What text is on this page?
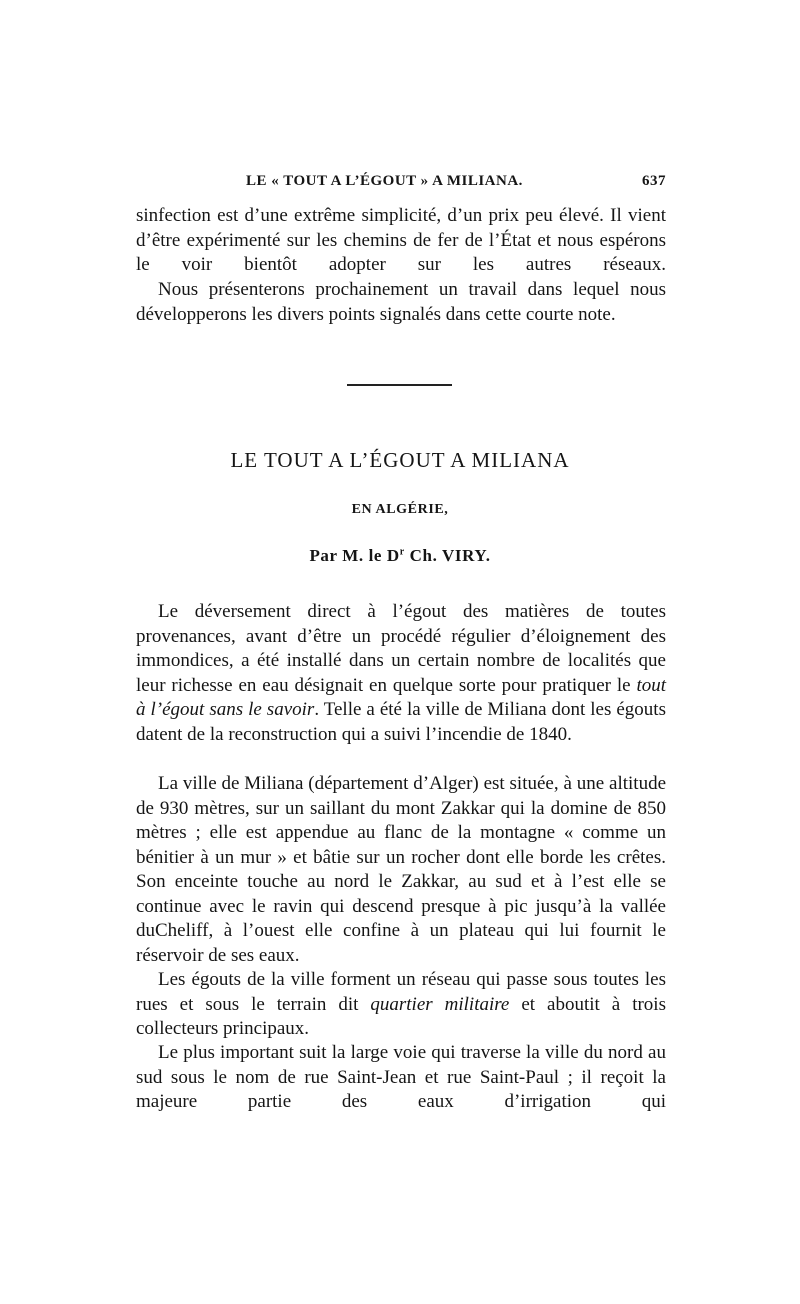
LE « TOUT A L’ÉGOUT » A MILIANA.	637

sinfection est d’une extrême simplicité, d’un prix peu élevé. Il vient d’être expérimenté sur les chemins de fer de l’État et nous espérons le voir bientôt adopter sur les autres réseaux.

Nous présenterons prochainement un travail dans lequel nous développerons les divers points signalés dans cette courte note.

LE TOUT A L’ÉGOUT A MILIANA
EN ALGÉRIE,
Par M. le $D^r$ Ch. VIRY.

Le déversement direct à l’égout des matières de toutes provenances, avant d’être un procédé régulier d’éloignement des immondices, a été installé dans un certain nombre de localités que leur richesse en eau désignait en quelque sorte pour pratiquer le tout à l’égout sans le savoir. Telle a été la ville de Miliana dont les égouts datent de la reconstruction qui a suivi l’incendie de 1840.

La ville de Miliana (département d’Alger) est située, à une altitude de 930 mètres, sur un saillant du mont Zakkar qui la domine de 850 mètres ; elle est appendue au flanc de la montagne « comme un bénitier à un mur » et bâtie sur un rocher dont elle borde les crêtes. Son enceinte touche au nord le Zakkar, au sud et à l’est elle se continue avec le ravin qui descend presque à pic jusqu’à la vallée duCheliff, à l’ouest elle confine à un plateau qui lui fournit le réservoir de ses eaux.

Les égouts de la ville forment un réseau qui passe sous toutes les rues et sous le terrain dit quartier militaire et aboutit à trois collecteurs principaux.

Le plus important suit la large voie qui traverse la ville du nord au sud sous le nom de rue Saint-Jean et rue Saint-Paul ; il reçoit la majeure partie des eaux d’irrigation qui
